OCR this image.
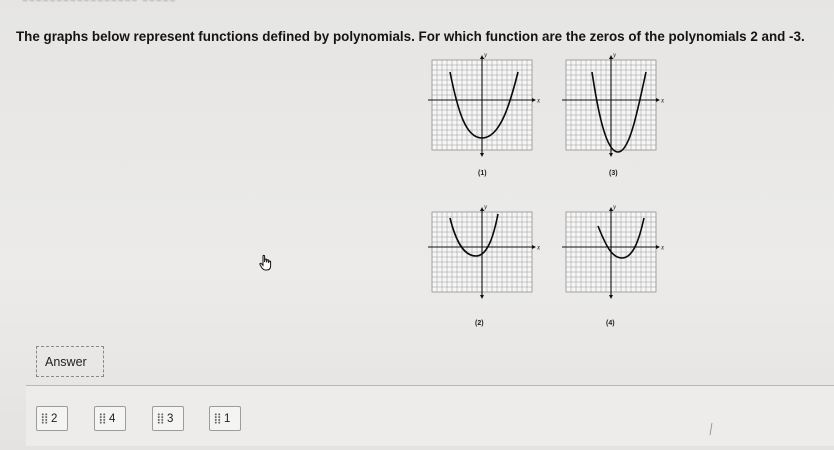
~~~~~~~~~~~~~~~~~ ~~~~~
The graphs below represent functions defined by polynomials. For which function are the zeros of the polynomials 2 and -3.
x
y
(1)
x
y
(3)
x
y
(2)
x
y
(4)
Answer
2	4	3	1
